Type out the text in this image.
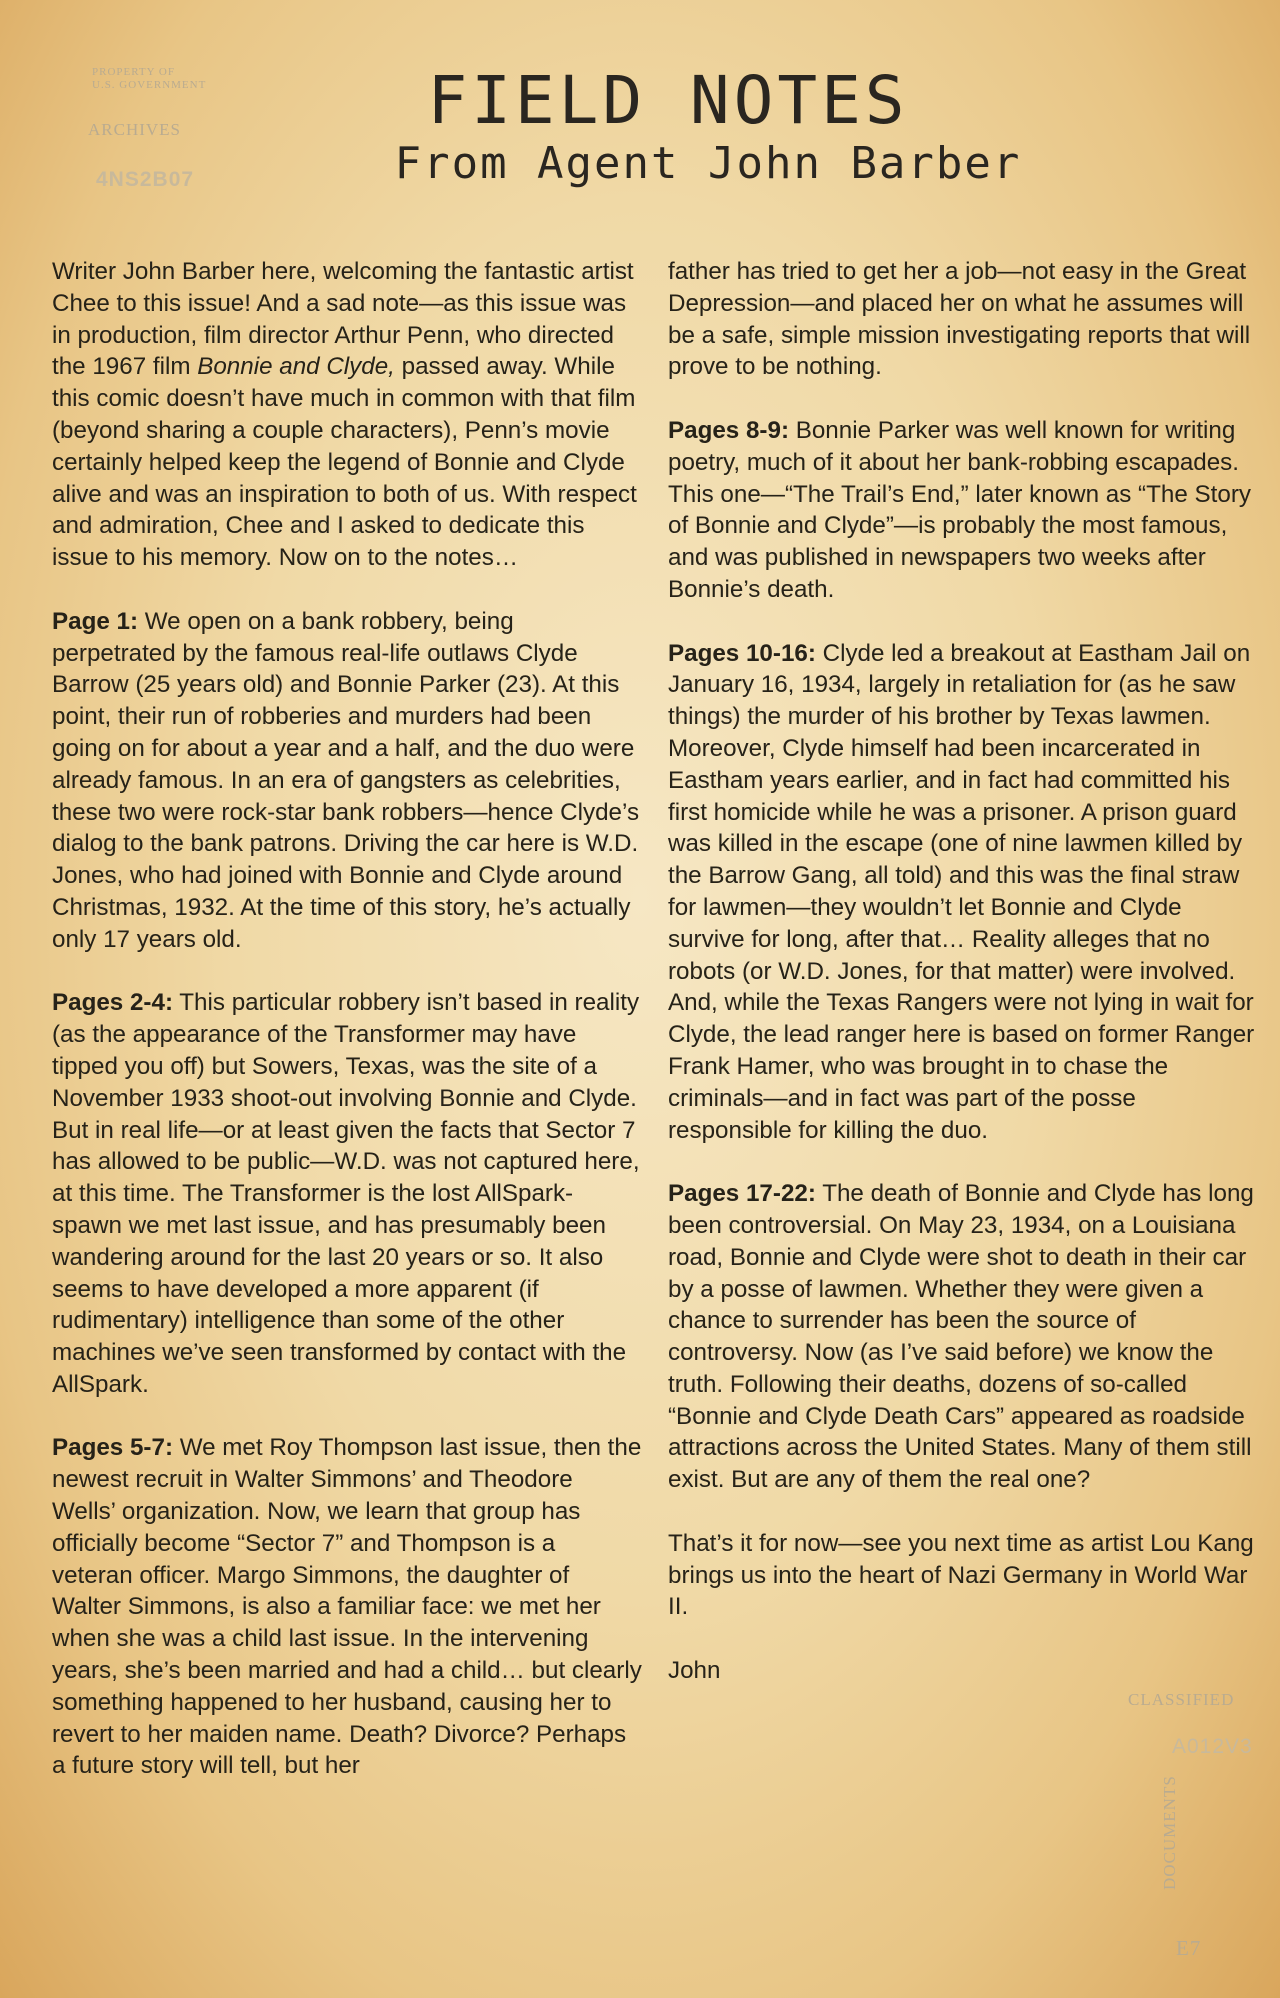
PROPERTY OF
U.S. GOVERNMENT
ARCHIVES
4NS2B07
CLASSIFIED
A012V3
DOCUMENTS
E7
FIELD NOTES
From Agent John Barber

Writer John Barber here, welcoming the fantastic artist Chee to this issue! And a sad note—as this issue was in production, film director Arthur Penn, who directed the 1967 film Bonnie and Clyde, passed away. While this comic doesn’t have much in common with that film (beyond sharing a couple characters), Penn’s movie certainly helped keep the legend of Bonnie and Clyde alive and was an inspiration to both of us. With respect and admiration, Chee and I asked to dedicate this issue to his memory. Now on to the notes…

Page 1: We open on a bank robbery, being perpetrated by the famous real-life outlaws Clyde Barrow (25 years old) and Bonnie Parker (23). At this point, their run of robberies and murders had been going on for about a year and a half, and the duo were already famous. In an era of gangsters as celebrities, these two were rock-star bank robbers—hence Clyde’s dialog to the bank patrons. Driving the car here is W.D. Jones, who had joined with Bonnie and Clyde around Christmas, 1932. At the time of this story, he’s actually only 17 years old.

Pages 2-4: This particular robbery isn’t based in reality (as the appearance of the Transformer may have tipped you off) but Sowers, Texas, was the site of a November 1933 shoot-out involving Bonnie and Clyde. But in real life—or at least given the facts that Sector 7 has allowed to be public—W.D. was not captured here, at this time. The Transformer is the lost AllSpark-spawn we met last issue, and has presumably been wandering around for the last 20 years or so. It also seems to have developed a more apparent (if rudimentary) intelligence than some of the other machines we’ve seen transformed by contact with the AllSpark.

Pages 5-7: We met Roy Thompson last issue, then the newest recruit in Walter Simmons’ and Theodore Wells’ organization. Now, we learn that group has officially become “Sector 7” and Thompson is a veteran officer. Margo Simmons, the daughter of Walter Simmons, is also a familiar face: we met her when she was a child last issue. In the intervening years, she’s been married and had a child… but clearly something happened to her husband, causing her to revert to her maiden name. Death? Divorce? Perhaps a future story will tell, but her

father has tried to get her a job—not easy in the Great Depression—and placed her on what he assumes will be a safe, simple mission investigating reports that will prove to be nothing.

Pages 8-9: Bonnie Parker was well known for writing poetry, much of it about her bank-robbing escapades. This one—“The Trail’s End,” later known as “The Story of Bonnie and Clyde”—is probably the most famous, and was published in newspapers two weeks after Bonnie’s death.

Pages 10-16: Clyde led a breakout at Eastham Jail on January 16, 1934, largely in retaliation for (as he saw things) the murder of his brother by Texas lawmen. Moreover, Clyde himself had been incarcerated in Eastham years earlier, and in fact had committed his first homicide while he was a prisoner. A prison guard was killed in the escape (one of nine lawmen killed by the Barrow Gang, all told) and this was the final straw for lawmen—they wouldn’t let Bonnie and Clyde survive for long, after that… Reality alleges that no robots (or W.D. Jones, for that matter) were involved. And, while the Texas Rangers were not lying in wait for Clyde, the lead ranger here is based on former Ranger Frank Hamer, who was brought in to chase the criminals—and in fact was part of the posse responsible for killing the duo.

Pages 17-22: The death of Bonnie and Clyde has long been controversial. On May 23, 1934, on a Louisiana road, Bonnie and Clyde were shot to death in their car by a posse of lawmen. Whether they were given a chance to surrender has been the source of controversy. Now (as I’ve said before) we know the truth. Following their deaths, dozens of so-called “Bonnie and Clyde Death Cars” appeared as roadside attractions across the United States. Many of them still exist. But are any of them the real one?

That’s it for now—see you next time as artist Lou Kang brings us into the heart of Nazi Germany in World War II.

John
